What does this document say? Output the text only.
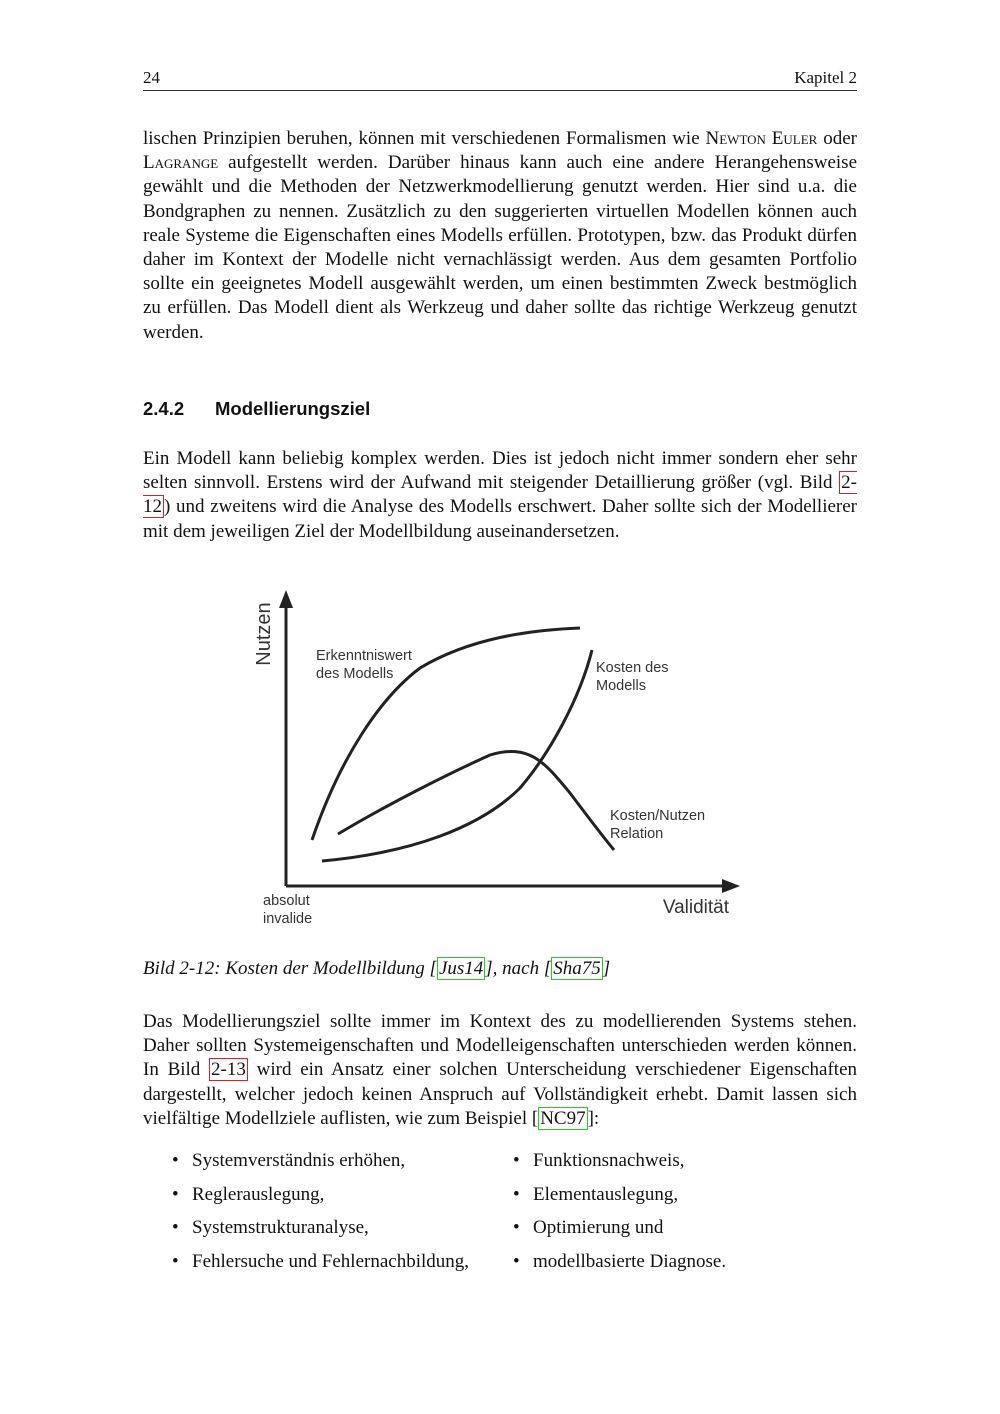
24	Kapitel 2

lischen Prinzipien beruhen, können mit verschiedenen Formalismen wie Newton Euler oder Lagrange aufgestellt werden. Darüber hinaus kann auch eine andere Herangehensweise gewählt und die Methoden der Netzwerkmodellierung genutzt werden. Hier sind u.a. die Bondgraphen zu nennen. Zusätzlich zu den suggerierten virtuellen Modellen können auch reale Systeme die Eigenschaften eines Modells erfüllen. Prototypen, bzw. das Produkt dürfen daher im Kontext der Modelle nicht vernachlässigt werden. Aus dem gesamten Portfolio sollte ein geeignetes Modell ausgewählt werden, um einen bestimmten Zweck bestmöglich zu erfüllen. Das Modell dient als Werkzeug und daher sollte das richtige Werkzeug genutzt werden.

2.4.2 Modellierungsziel

Ein Modell kann beliebig komplex werden. Dies ist jedoch nicht immer sondern eher sehr selten sinnvoll. Erstens wird der Aufwand mit steigender Detaillierung größer (vgl. Bild 2-12 ) und zweitens wird die Analyse des Modells erschwert. Daher sollte sich der Modellierer mit dem jeweiligen Ziel der Modellbildung auseinandersetzen.

Nutzen
Validität
absolut
invalide
Erkenntniswert
des Modells	Kosten des
Modells
Kosten/Nutzen
Relation
Bild 2-12: Kosten der Modellbildung [ Jus14 ], nach [ Sha75 ]

Das Modellierungsziel sollte immer im Kontext des zu modellierenden Systems stehen. Daher sollten Systemeigenschaften und Modelleigenschaften unterschieden werden können. In Bild 2-13 wird ein Ansatz einer solchen Unterscheidung verschiedener Eigenschaften dargestellt, welcher jedoch keinen Anspruch auf Vollständigkeit erhebt. Damit lassen sich vielfältige Modellziele auflisten, wie zum Beispiel [ NC97 ]:

• Systemverständnis erhöhen,
• Reglerauslegung,
• Systemstrukturanalyse,
• Fehlersuche und Fehlernachbildung,
• Funktionsnachweis,
• Elementauslegung,
• Optimierung und
• modellbasierte Diagnose.
